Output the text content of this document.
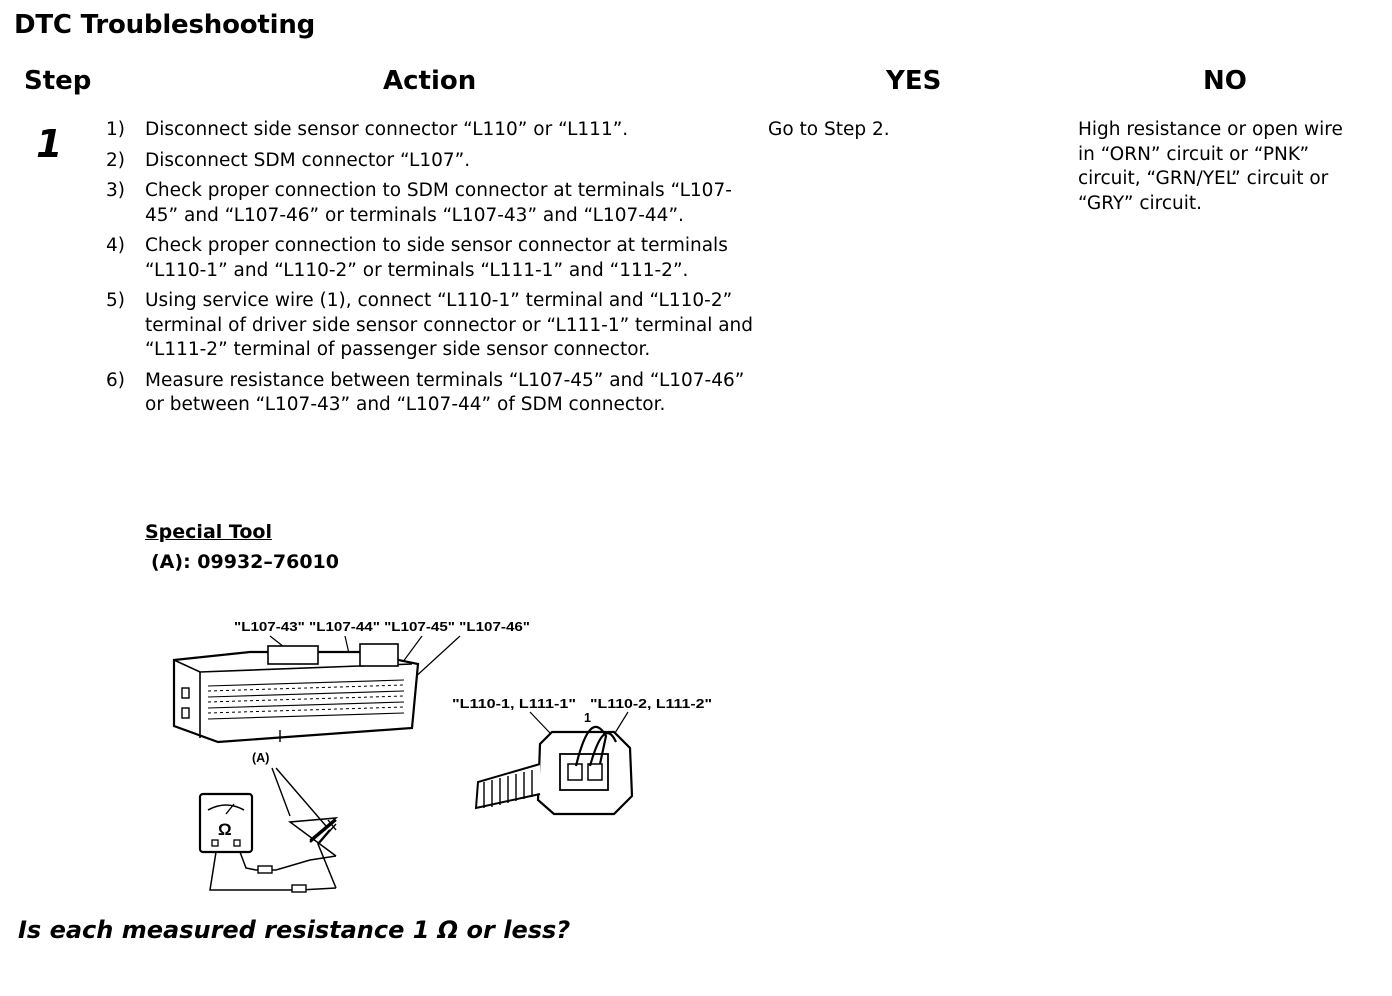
DTC Troubleshooting
Step	Action	YES	NO
1 1)	Disconnect side sensor connector “L110” or “L111”.
2)	Disconnect SDM connector “L107”.
3)	Check proper connection to SDM connector at terminals “L107-45” and “L107-46” or terminals “L107-43” and “L107-44”.
4)	Check proper connection to side sensor connector at terminals “L110-1” and “L110-2” or terminals “L111-1” and “111-2”.
5)	Using service wire (1), connect “L110-1” terminal and “L110-2” terminal of driver side sensor connector or “L111-1” terminal and “L111-2” terminal of passenger side sensor connector.
6)	Measure resistance between terminals “L107-45” and “L107-46” or between “L107-43” and “L107-44” of SDM connector.
Special Tool
(A): 09932–76010
Go to Step 2.	High resistance or open wire
in “ORN” circuit or “PNK”
circuit, “GRN/YEL” circuit or
“GRY” circuit.
"L107-43" "L107-44" "L107-45" "L107-46"
(A)
Ω
"L110-1, L111-1" "L110-2, L111-2"
1
Is each measured resistance 1 Ω or less?
